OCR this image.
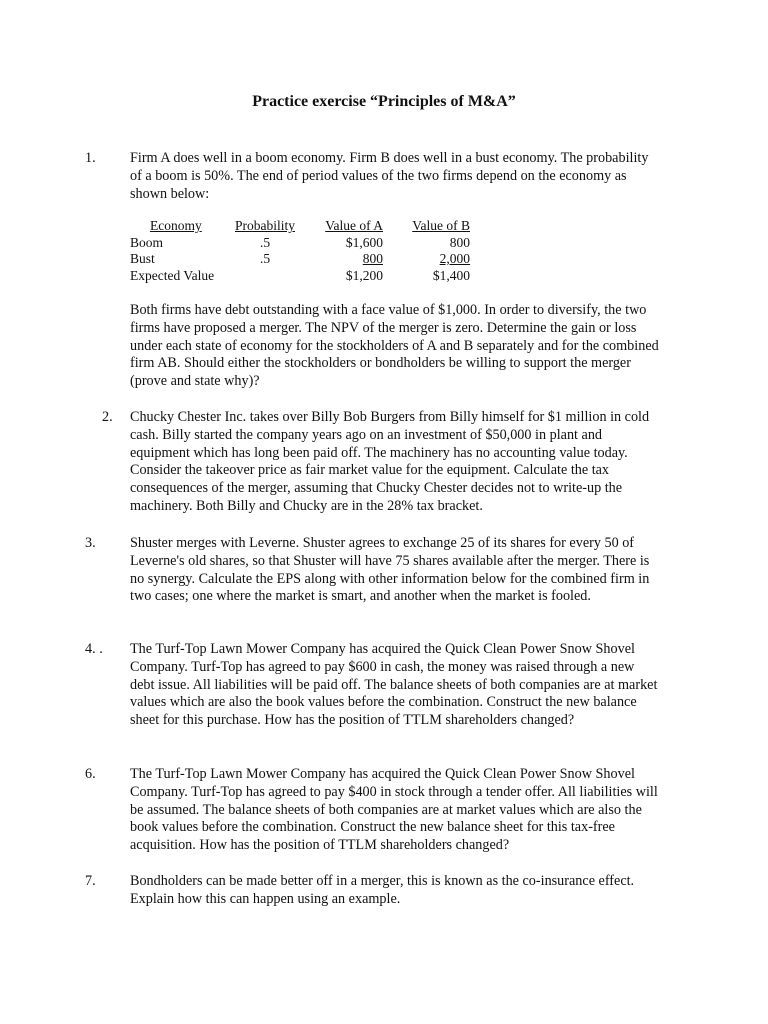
Practice exercise “Principles of M&A”
1. Firm A does well in a boom economy. Firm B does well in a bust economy. The probability of a boom is 50%. The end of period values of the two firms depend on the economy as shown below:

Economy	Probability	Value of A	Value of B
Boom	.5	$1,600	800
Bust	.5	800	2,000
Expected Value		$1,200	$1,400

Both firms have debt outstanding with a face value of $1,000. In order to diversify, the two firms have proposed a merger. The NPV of the merger is zero. Determine the gain or loss under each state of economy for the stockholders of A and B separately and for the combined firm AB. Should either the stockholders or bondholders be willing to support the merger (prove and state why)?

2. Chucky Chester Inc. takes over Billy Bob Burgers from Billy himself for $1 million in cold cash. Billy started the company years ago on an investment of $50,000 in plant and equipment which has long been paid off. The machinery has no accounting value today. Consider the takeover price as fair market value for the equipment. Calculate the tax consequences of the merger, assuming that Chucky Chester decides not to write-up the machinery. Both Billy and Chucky are in the 28% tax bracket.

3. Shuster merges with Leverne. Shuster agrees to exchange 25 of its shares for every 50 of Leverne's old shares, so that Shuster will have 75 shares available after the merger. There is no synergy. Calculate the EPS along with other information below for the combined firm in two cases; one where the market is smart, and another when the market is fooled.

4. . The Turf-Top Lawn Mower Company has acquired the Quick Clean Power Snow Shovel Company. Turf-Top has agreed to pay $600 in cash, the money was raised through a new debt issue. All liabilities will be paid off. The balance sheets of both companies are at market values which are also the book values before the combination. Construct the new balance sheet for this purchase. How has the position of TTLM shareholders changed?

6. The Turf-Top Lawn Mower Company has acquired the Quick Clean Power Snow Shovel Company. Turf-Top has agreed to pay $400 in stock through a tender offer. All liabilities will be assumed. The balance sheets of both companies are at market values which are also the book values before the combination. Construct the new balance sheet for this tax-free acquisition. How has the position of TTLM shareholders changed?

7. Bondholders can be made better off in a merger, this is known as the co-insurance effect. Explain how this can happen using an example.
